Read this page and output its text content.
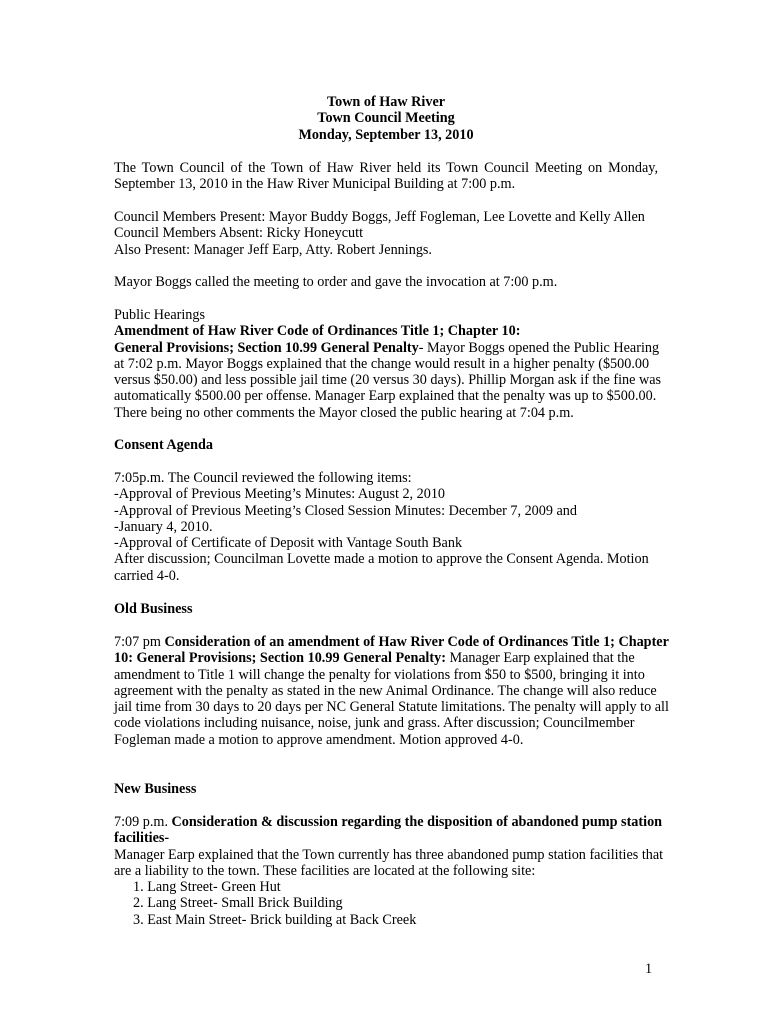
Town of Haw River
Town Council Meeting
Monday, September 13, 2010
The Town Council of the Town of Haw River held its Town Council Meeting on Monday, September 13, 2010 in the Haw River Municipal Building at 7:00 p.m.
Council Members Present: Mayor Buddy Boggs, Jeff Fogleman, Lee Lovette and Kelly Allen
Council Members Absent: Ricky Honeycutt
Also Present: Manager Jeff Earp, Atty. Robert Jennings.
Mayor Boggs called the meeting to order and gave the invocation at 7:00 p.m.
Public Hearings
Amendment of Haw River Code of Ordinances Title 1; Chapter 10:
General Provisions; Section 10.99 General Penalty- Mayor Boggs opened the Public Hearing
at 7:02 p.m. Mayor Boggs explained that the change would result in a higher penalty ($500.00
versus $50.00) and less possible jail time (20 versus 30 days). Phillip Morgan ask if the fine was
automatically $500.00 per offense. Manager Earp explained that the penalty was up to $500.00.
There being no other comments the Mayor closed the public hearing at 7:04 p.m.
Consent Agenda
7:05p.m. The Council reviewed the following items:
-Approval of Previous Meeting’s Minutes: August 2, 2010
-Approval of Previous Meeting’s Closed Session Minutes: December 7, 2009 and
-January 4, 2010.
-Approval of Certificate of Deposit with Vantage South Bank
After discussion; Councilman Lovette made a motion to approve the Consent Agenda. Motion
carried 4-0.
Old Business
7:07 pm Consideration of an amendment of Haw River Code of Ordinances Title 1; Chapter
10: General Provisions; Section 10.99 General Penalty: Manager Earp explained that the
amendment to Title 1 will change the penalty for violations from $50 to $500, bringing it into
agreement with the penalty as stated in the new Animal Ordinance. The change will also reduce
jail time from 30 days to 20 days per NC General Statute limitations. The penalty will apply to all
code violations including nuisance, noise, junk and grass. After discussion; Councilmember
Fogleman made a motion to approve amendment. Motion approved 4-0.
New Business
7:09 p.m. Consideration & discussion regarding the disposition of abandoned pump station
facilities-
Manager Earp explained that the Town currently has three abandoned pump station facilities that
are a liability to the town. These facilities are located at the following site:
1. Lang Street- Green Hut
2. Lang Street- Small Brick Building
3. East Main Street- Brick building at Back Creek
1
